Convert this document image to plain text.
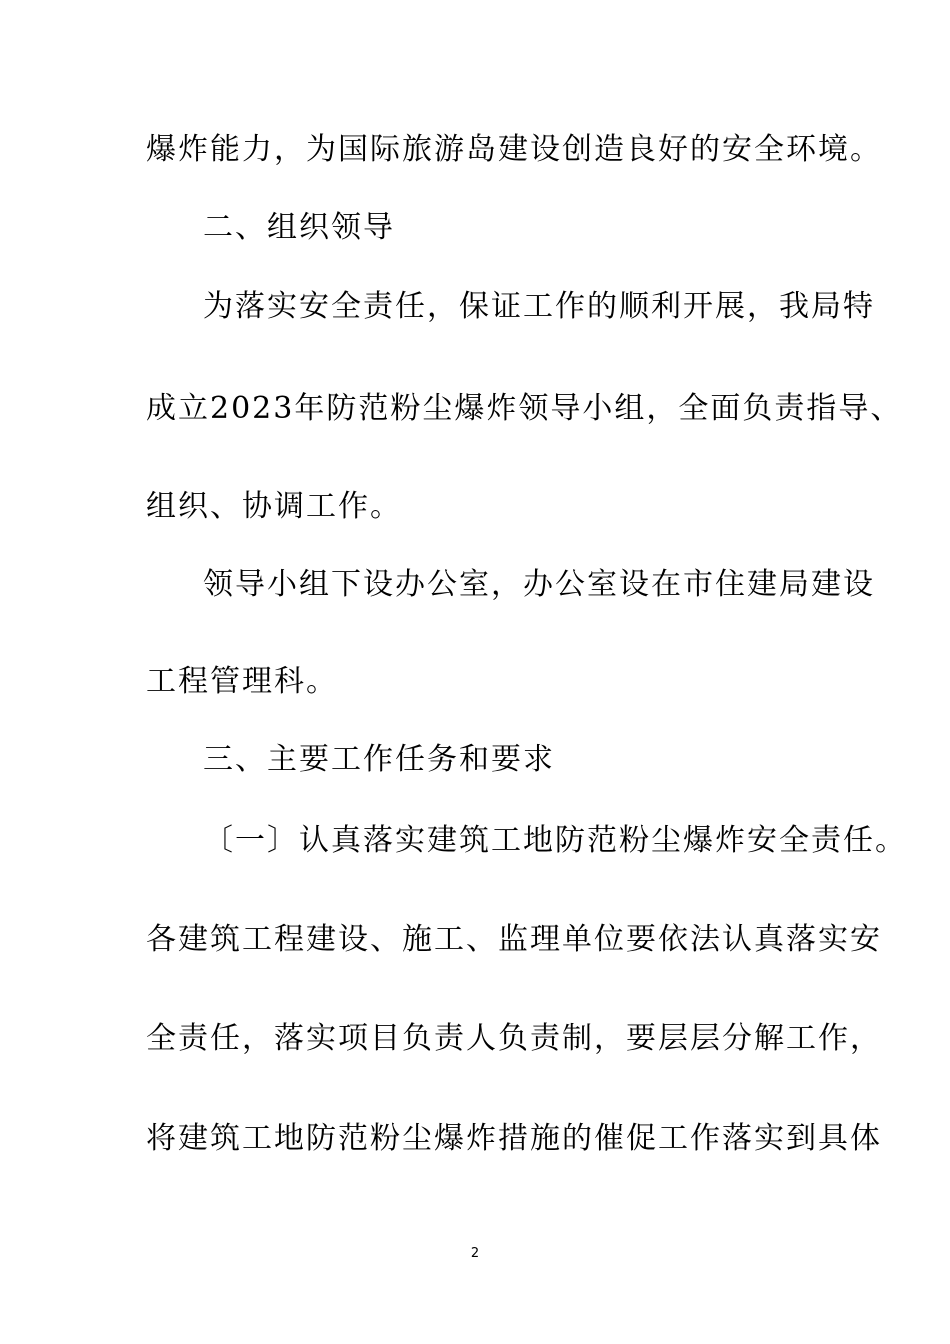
爆炸能力，为国际旅游岛建设创造良好的安全环境。
二、组织领导
为落实安全责任，保证工作的顺利开展，我局特
成立2023年防范粉尘爆炸领导小组，全面负责指导、
组织、协调工作。
领导小组下设办公室，办公室设在市住建局建设
工程管理科。
三、主要工作任务和要求
〔一〕认真落实建筑工地防范粉尘爆炸安全责任。
各建筑工程建设、施工、监理单位要依法认真落实安
全责任，落实项目负责人负责制，要层层分解工作，
将建筑工地防范粉尘爆炸措施的催促工作落实到具体
2
